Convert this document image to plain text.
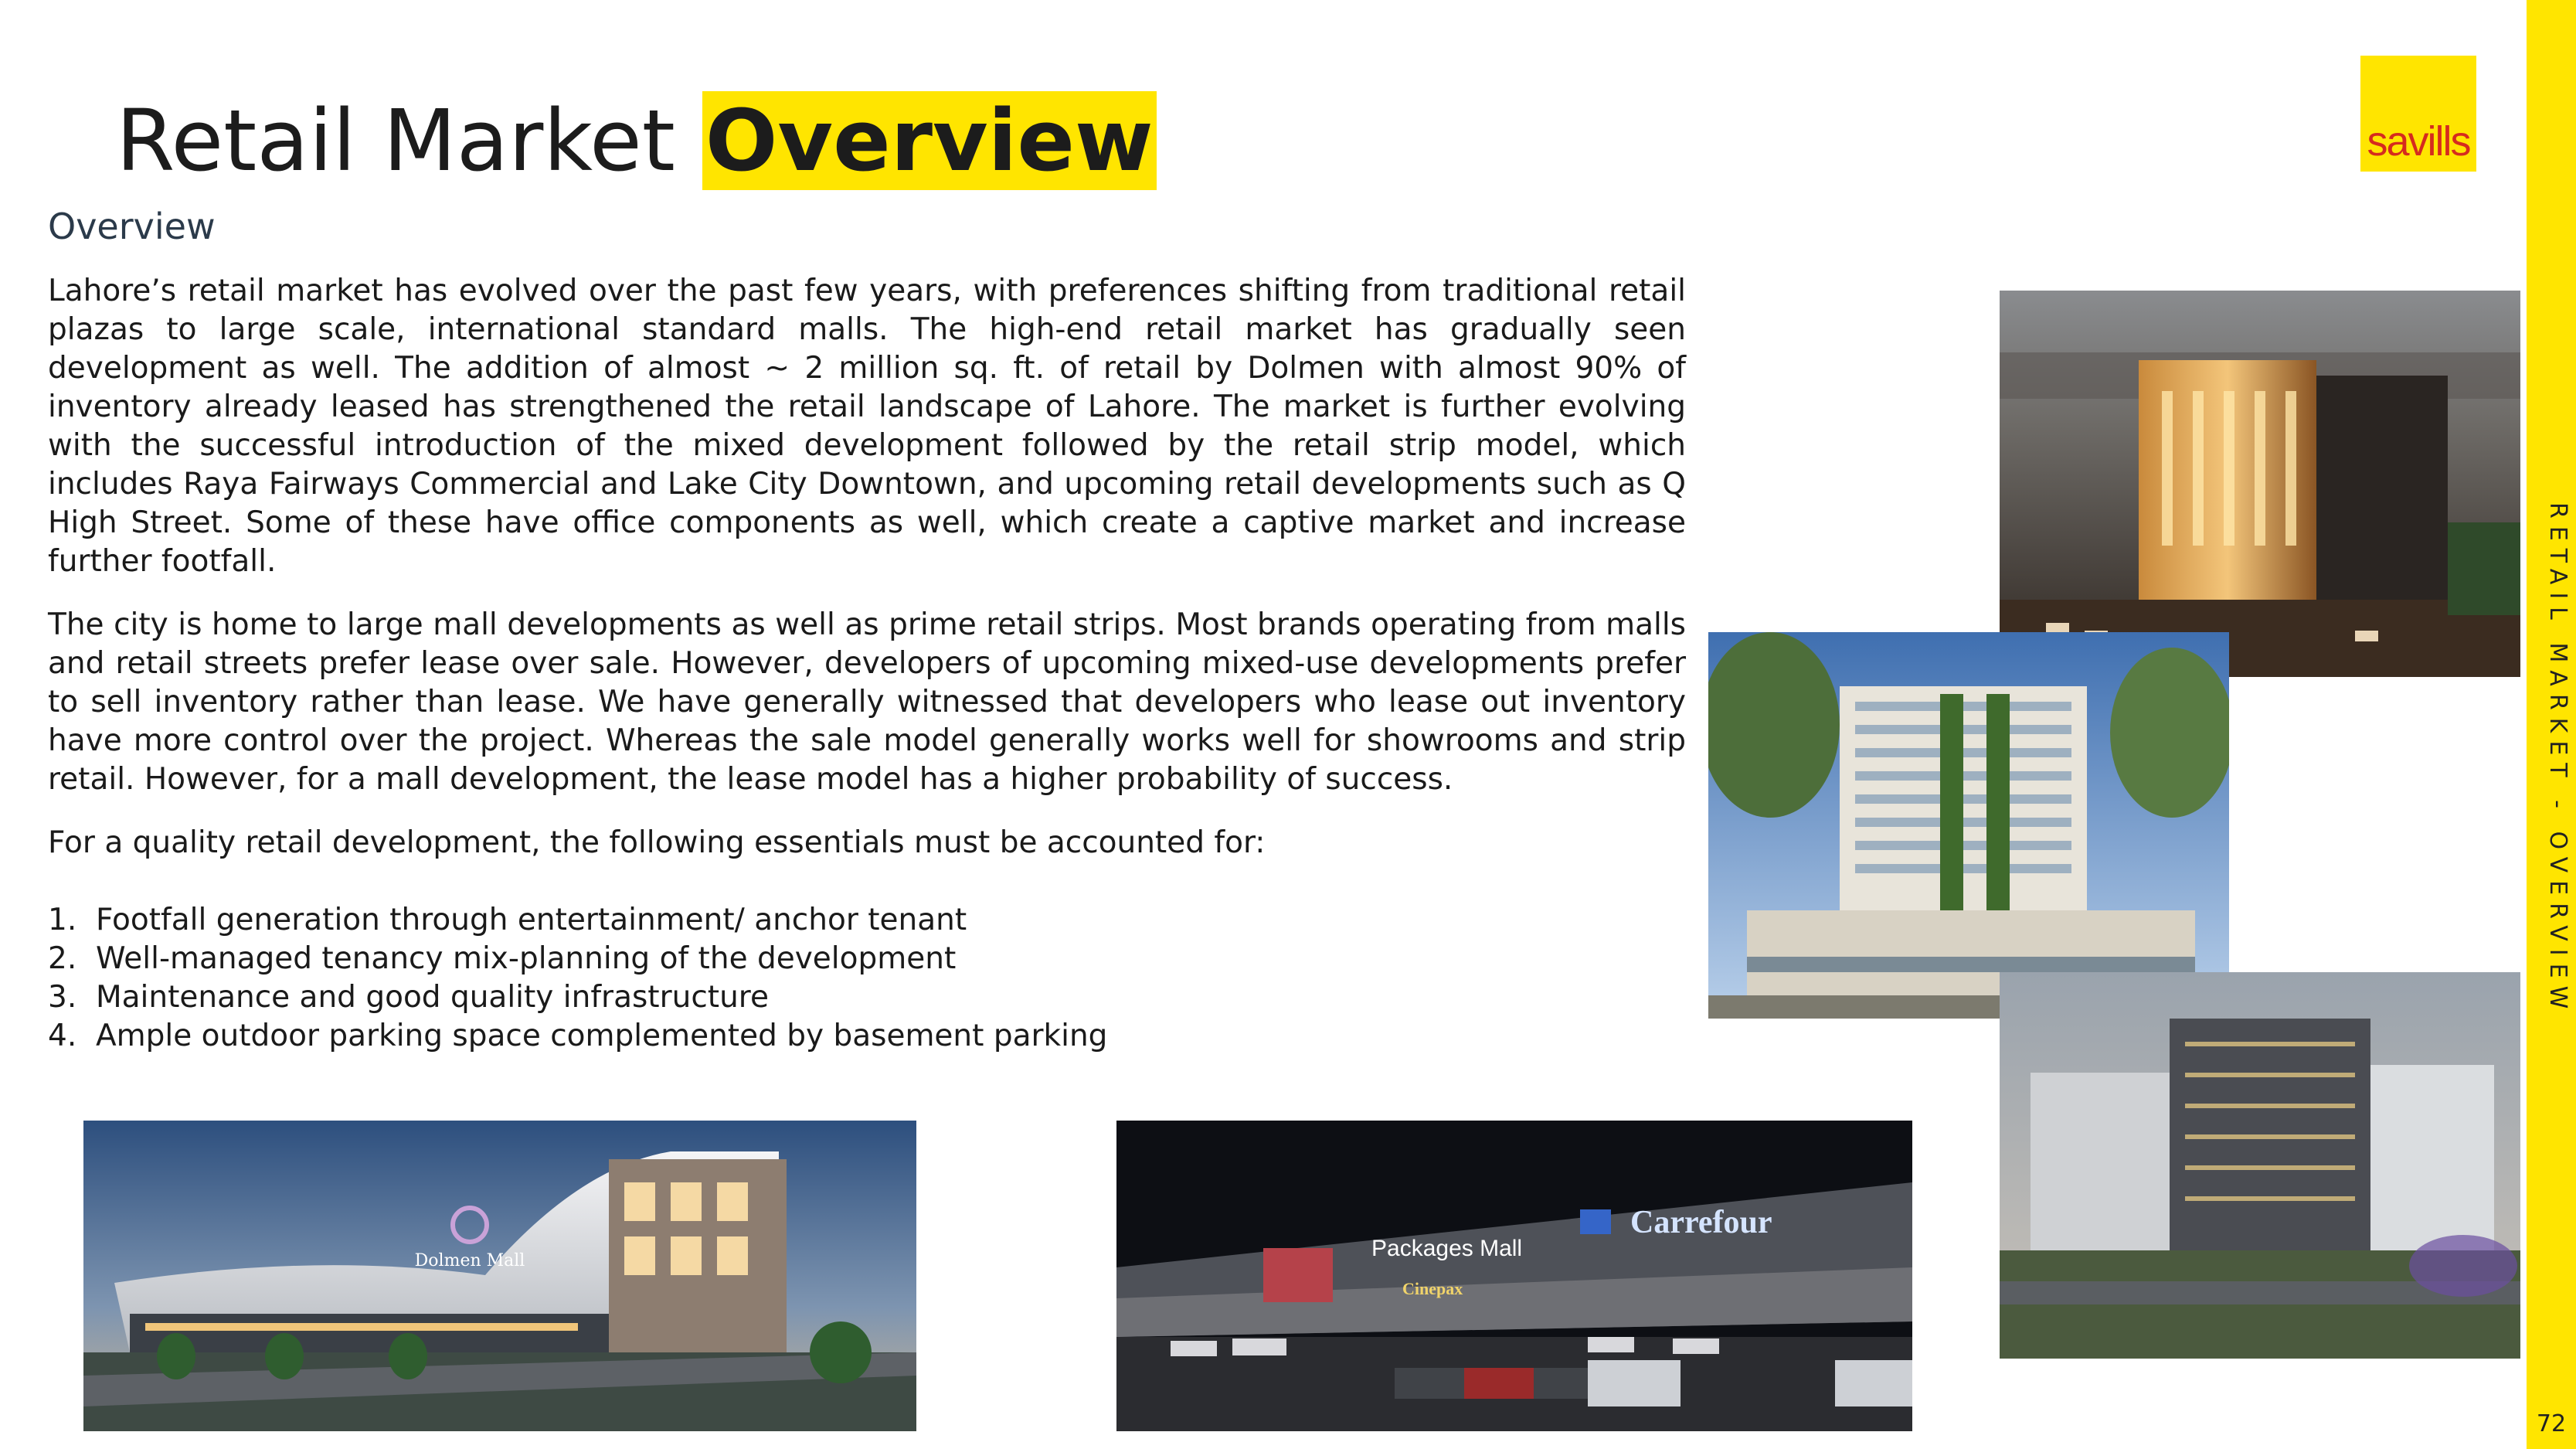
Retail Market Overview	savills
RETAIL MARKET - OVERVIEW
72
Overview

Lahore’s retail market has evolved over the past few years, with preferences shifting from traditional retail plazas to large scale, international standard malls. The high-end retail market has gradually seen development as well. The addition of almost ~ 2 million sq. ft. of retail by Dolmen with almost 90% of inventory already leased has strengthened the retail landscape of Lahore. The market is further evolving with the successful introduction of the mixed development followed by the retail strip model, which includes Raya Fairways Commercial and Lake City Downtown, and upcoming retail developments such as Q High Street. Some of these have office components as well, which create a captive market and increase further footfall.

The city is home to large mall developments as well as prime retail strips. Most brands operating from malls and retail streets prefer lease over sale. However, developers of upcoming mixed-use developments prefer to sell inventory rather than lease. We have generally witnessed that developers who lease out inventory have more control over the project. Whereas the sale model generally works well for showrooms and strip retail. However, for a mall development, the lease model has a higher probability of success.

For a quality retail development, the following essentials must be accounted for:

1. Footfall generation through entertainment/ anchor tenant
2. Well-managed tenancy mix-planning of the development
3. Maintenance and good quality infrastructure
4. Ample outdoor parking space complemented by basement parking
Dolmen Mall	Packages Mall
Carrefour
Cinepax
